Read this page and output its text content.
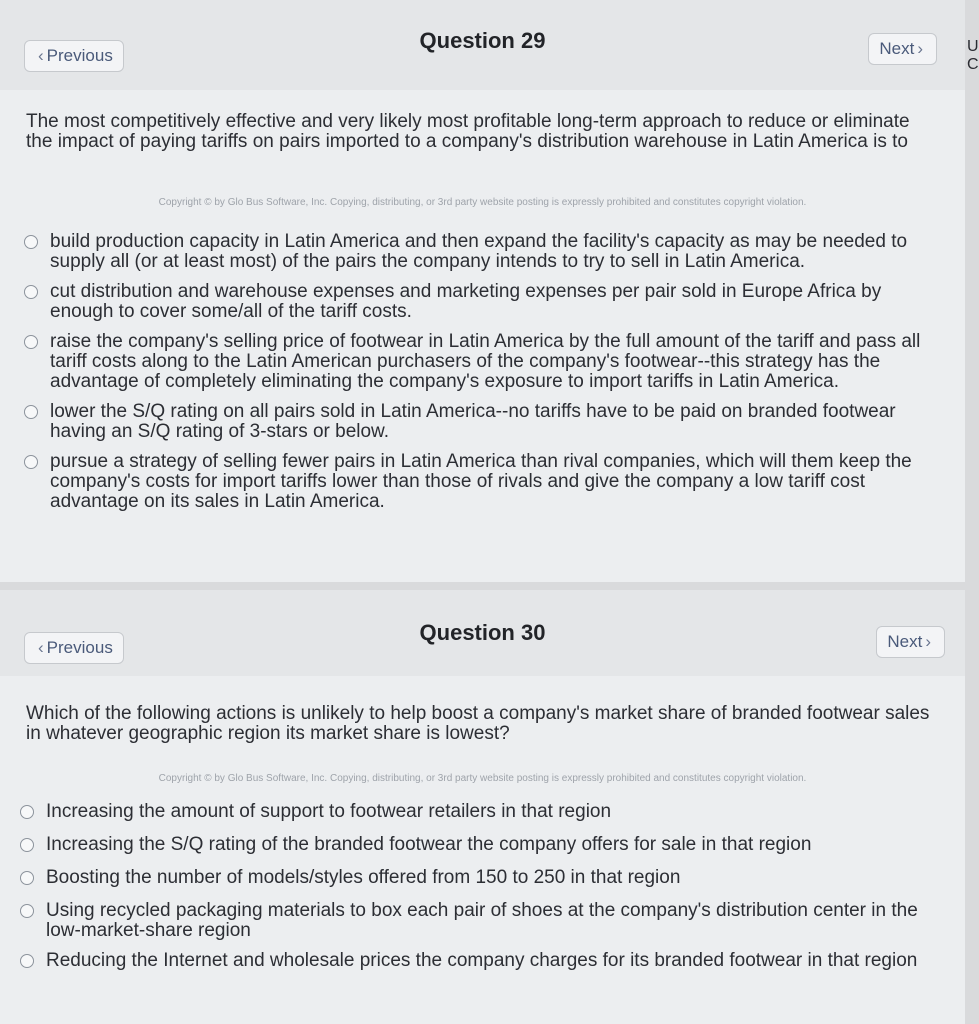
‹ Previous
Question 29	Next ›
The most competitively effective and very likely most profitable long-term approach to reduce or eliminate the impact of paying tariffs on pairs imported to a company's distribution warehouse in Latin America is to
Copyright © by Glo Bus Software, Inc. Copying, distributing, or 3rd party website posting is expressly prohibited and constitutes copyright violation.
build production capacity in Latin America and then expand the facility's capacity as may be needed to supply all (or at least most) of the pairs the company intends to try to sell in Latin America.
cut distribution and warehouse expenses and marketing expenses per pair sold in Europe Africa by enough to cover some/all of the tariff costs.
raise the company's selling price of footwear in Latin America by the full amount of the tariff and pass all tariff costs along to the Latin American purchasers of the company's footwear--this strategy has the advantage of completely eliminating the company's exposure to import tariffs in Latin America.
lower the S/Q rating on all pairs sold in Latin America--no tariffs have to be paid on branded footwear having an S/Q rating of 3-stars or below.
pursue a strategy of selling fewer pairs in Latin America than rival companies, which will them keep the company's costs for import tariffs lower than those of rivals and give the company a low tariff cost advantage on its sales in Latin America.
‹ Previous
Question 30	Next ›
Which of the following actions is unlikely to help boost a company's market share of branded footwear sales in whatever geographic region its market share is lowest?
Copyright © by Glo Bus Software, Inc. Copying, distributing, or 3rd party website posting is expressly prohibited and constitutes copyright violation.
Increasing the amount of support to footwear retailers in that region
Increasing the S/Q rating of the branded footwear the company offers for sale in that region
Boosting the number of models/styles offered from 150 to 250 in that region
Using recycled packaging materials to box each pair of shoes at the company's distribution center in the low-market-share region
Reducing the Internet and wholesale prices the company charges for its branded footwear in that region
U
C
